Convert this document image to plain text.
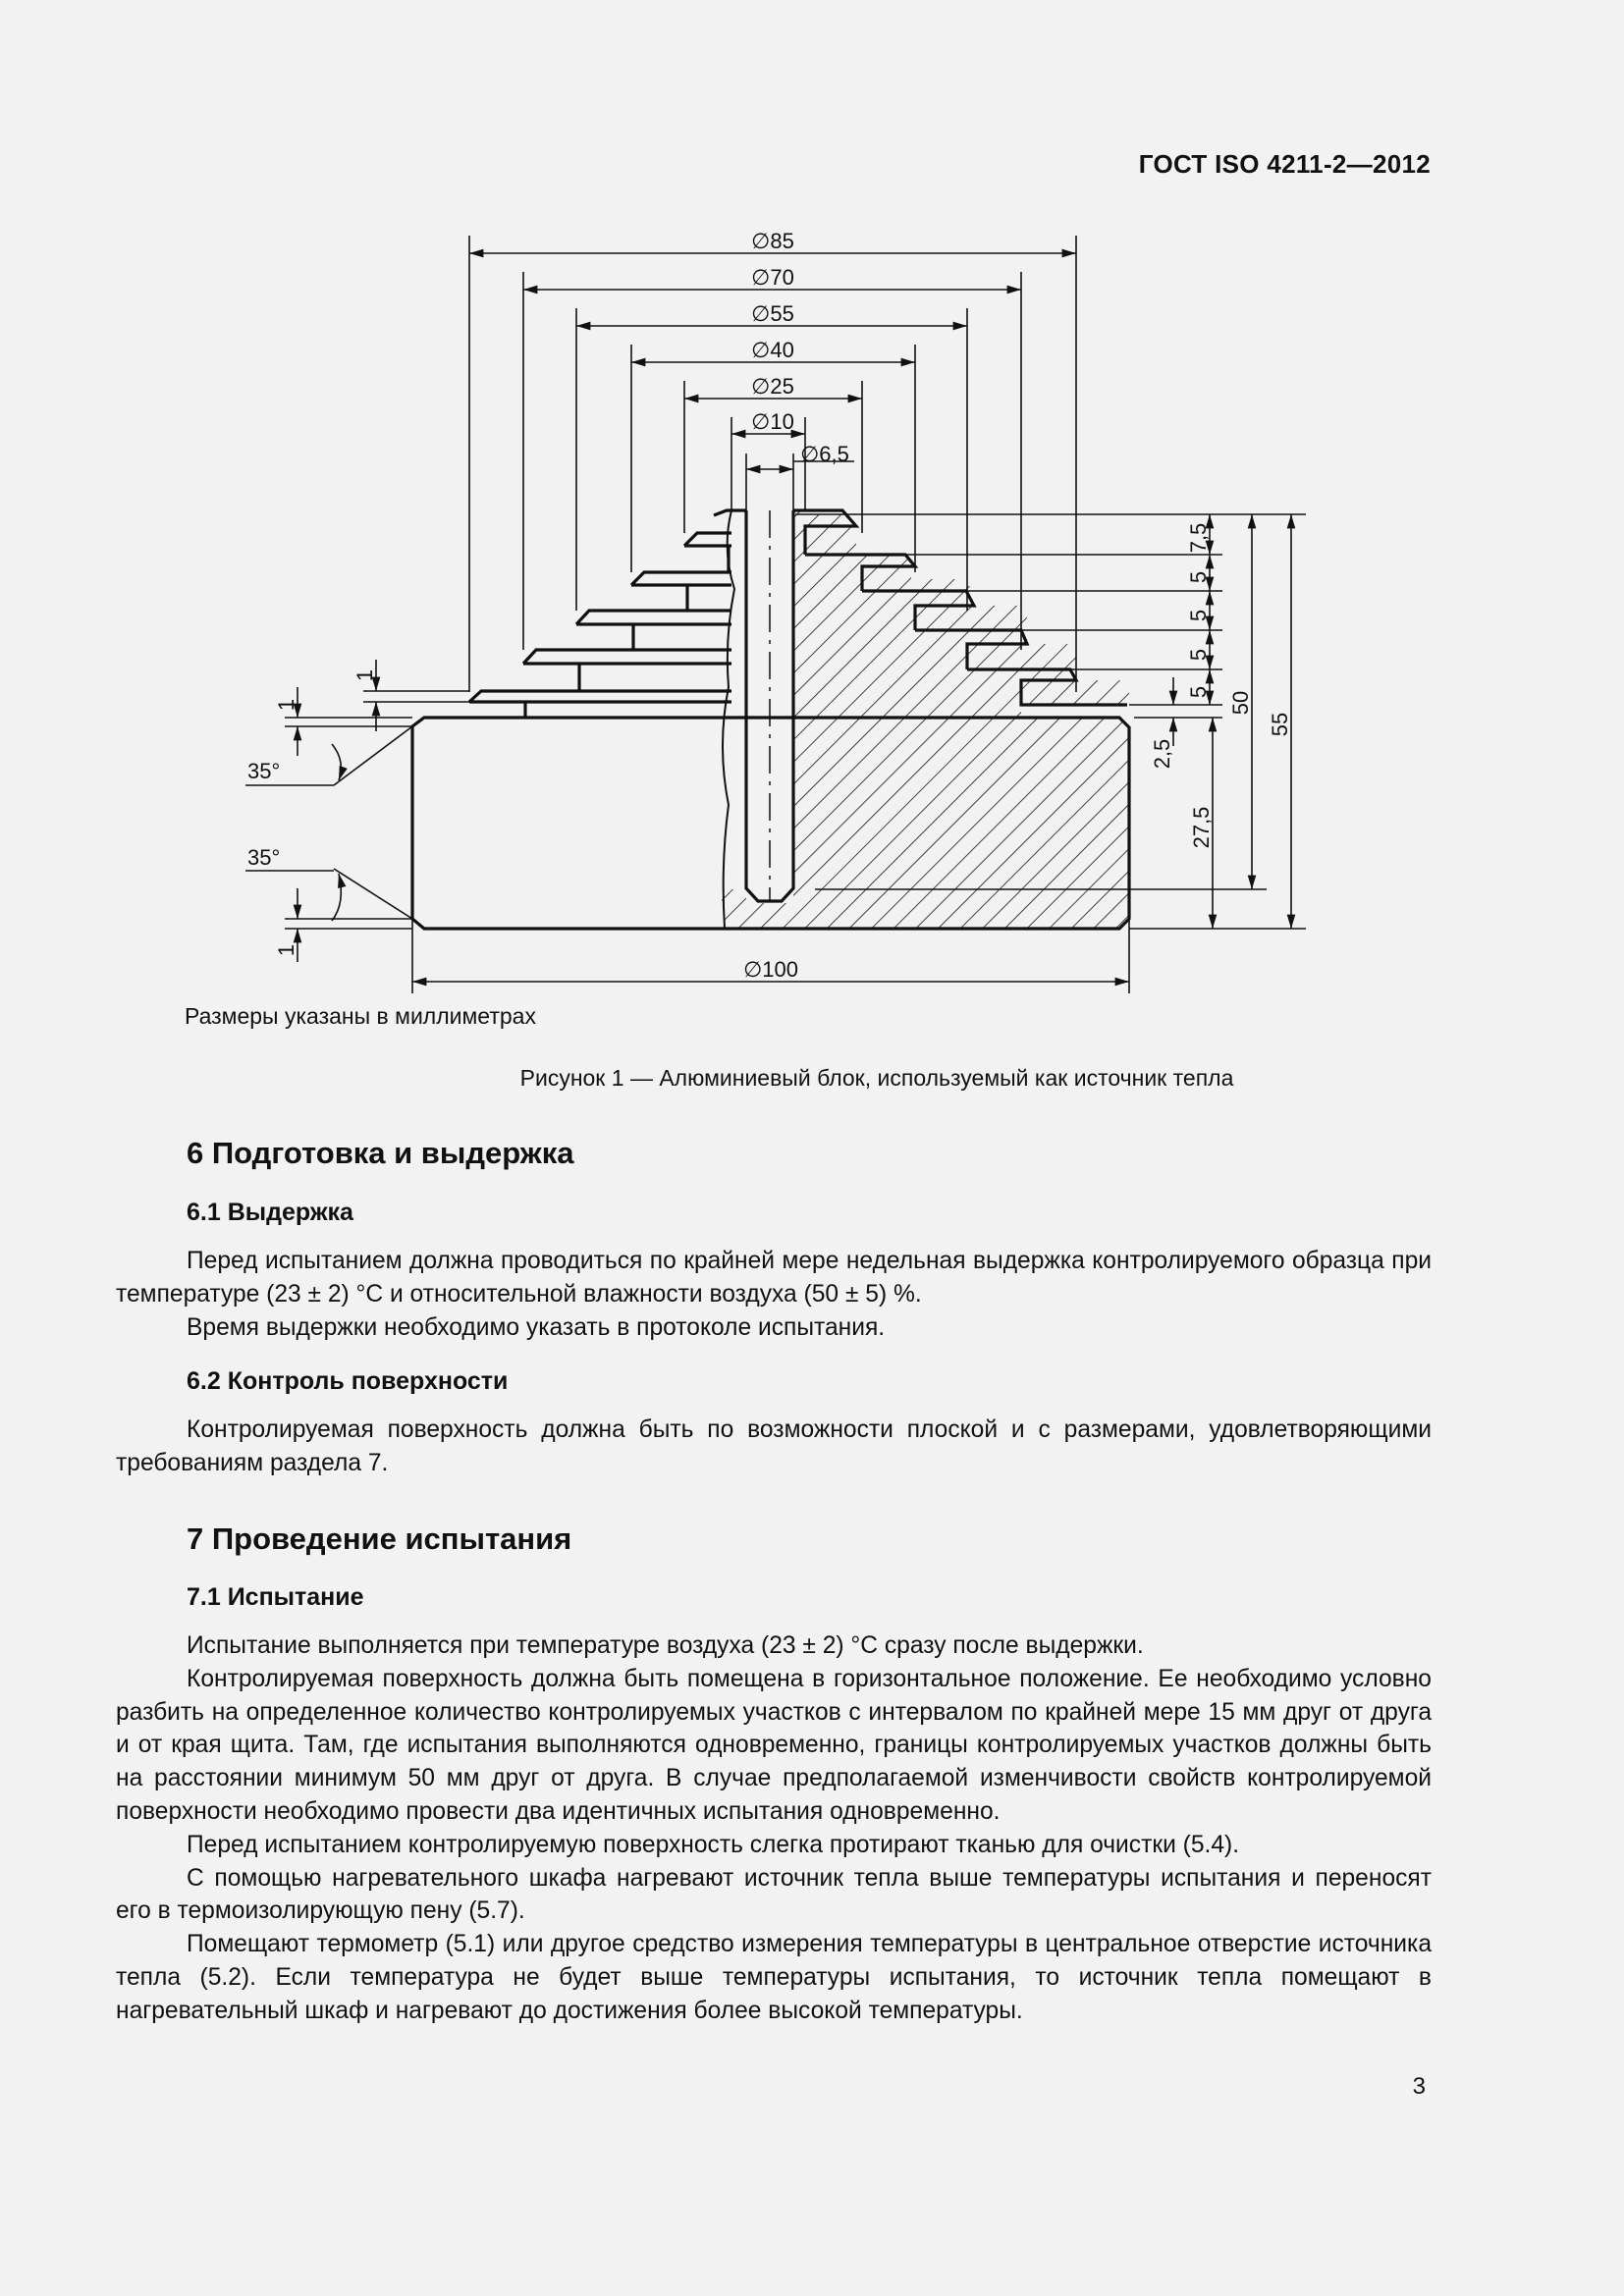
ГОСТ ISO 4211-2—2012
∅85
∅70
∅55
∅40
∅25
∅10
∅6,5
∅100
7,5
5
5
5
5 50
55
2,5
27,5
1
1
1
35°
35°
Размеры указаны в миллиметрах
Рисунок 1 — Алюминиевый блок, используемый как источник тепла
6 Подготовка и выдержка
6.1 Выдержка

Перед испытанием должна проводиться по крайней мере недельная выдержка контролируемого образца при температуре (23 ± 2) °С и относительной влажности воздуха (50 ± 5) %.

Время выдержки необходимо указать в протоколе испытания.

6.2 Контроль поверхности

Контролируемая поверхность должна быть по возможности плоской и с размерами, удовлетворяющими требованиям раздела 7.

7 Проведение испытания
7.1 Испытание

Испытание выполняется при температуре воздуха (23 ± 2) °С сразу после выдержки.

Контролируемая поверхность должна быть помещена в горизонтальное положение. Ее необходимо условно разбить на определенное количество контролируемых участков с интервалом по крайней мере 15 мм друг от друга и от края щита. Там, где испытания выполняются одновременно, границы контролируемых участков должны быть на расстоянии минимум 50 мм друг от друга. В случае предполагаемой изменчивости свойств контролируемой поверхности необходимо провести два идентичных испытания одновременно.

Перед испытанием контролируемую поверхность слегка протирают тканью для очистки (5.4).

С помощью нагревательного шкафа нагревают источник тепла выше температуры испытания и переносят его в термоизолирующую пену (5.7).

Помещают термометр (5.1) или другое средство измерения температуры в центральное отверстие источника тепла (5.2). Если температура не будет выше температуры испытания, то источник тепла помещают в нагревательный шкаф и нагревают до достижения более высокой температуры.

3
